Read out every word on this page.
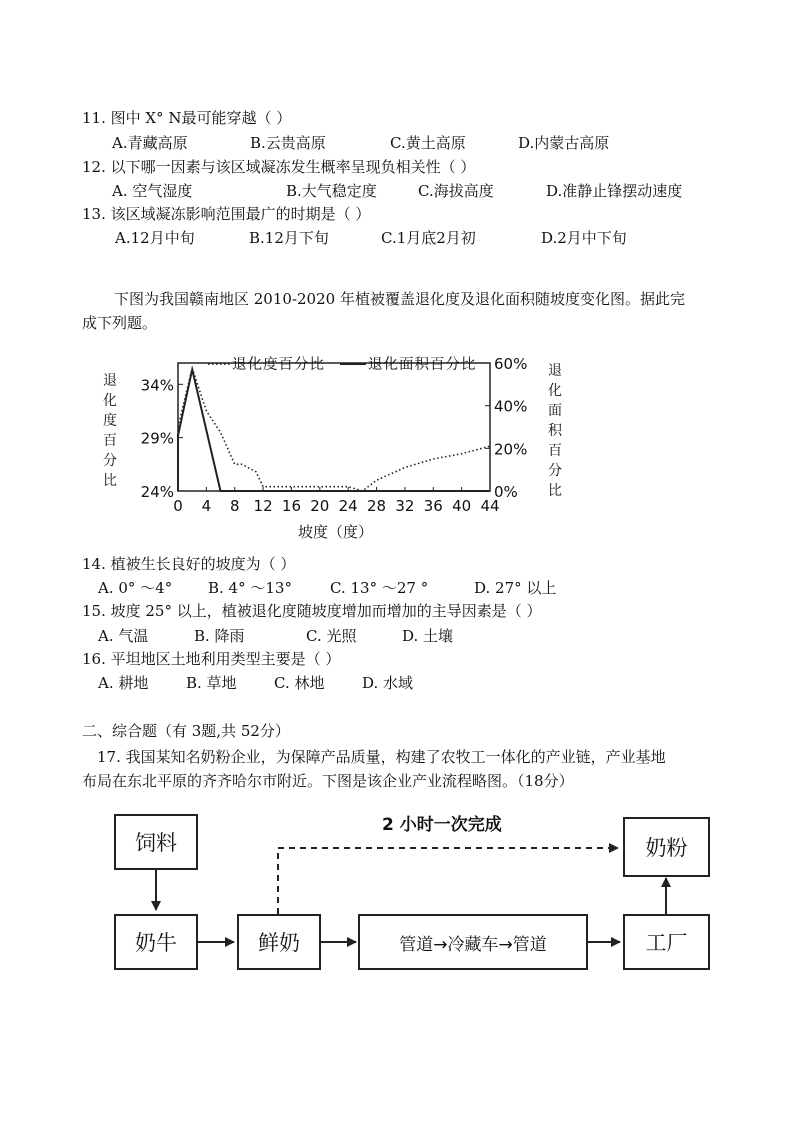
11. 图中 X° N最可能穿越（ ）
A.青藏高原	B.云贵高原	C.黄土高原	D.内蒙古高原
12. 以下哪一因素与该区域凝冻发生概率呈现负相关性（ ）
A. 空气湿度	B.大气稳定度	C.海拔高度	D.准静止锋摆动速度
13. 该区域凝冻影响范围最广的时期是（ ）
A.12月中旬	B.12月下旬	C.1月底2月初	D.2月中下旬
下图为我国赣南地区 2010-2020 年植被覆盖退化度及退化面积随坡度变化图。据此完
成下列题。
0 4 8 12 16 20 24 28 32 36 40 44
24%
29%
34%
0%
20%
40%
60%
退化度百分比	退化面积百分比
退
化
度
百
分
比
退
化
面
积
百
分
比
坡度（度）
14. 植被生长良好的坡度为（ ）
A. 0° ～4° B. 4° ～13°	C. 13° ～27 °	D. 27° 以上
15. 坡度 25° 以上，植被退化度随坡度增加而增加的主导因素是（ ）
A. 气温	B. 降雨	C. 光照	D. 土壤
16. 平坦地区土地利用类型主要是（ ）
A. 耕地	B. 草地 C. 林地	D. 水域
二、综合题（有 3题,共 52分）
17. 我国某知名奶粉企业，为保障产品质量，构建了农牧工一体化的产业链，产业基地
布局在东北平原的齐齐哈尔市附近。下图是该企业产业流程略图。（18分）
饲料
奶牛	鲜奶	管道→冷藏车→管道	工厂
奶粉
2 小时一次完成
